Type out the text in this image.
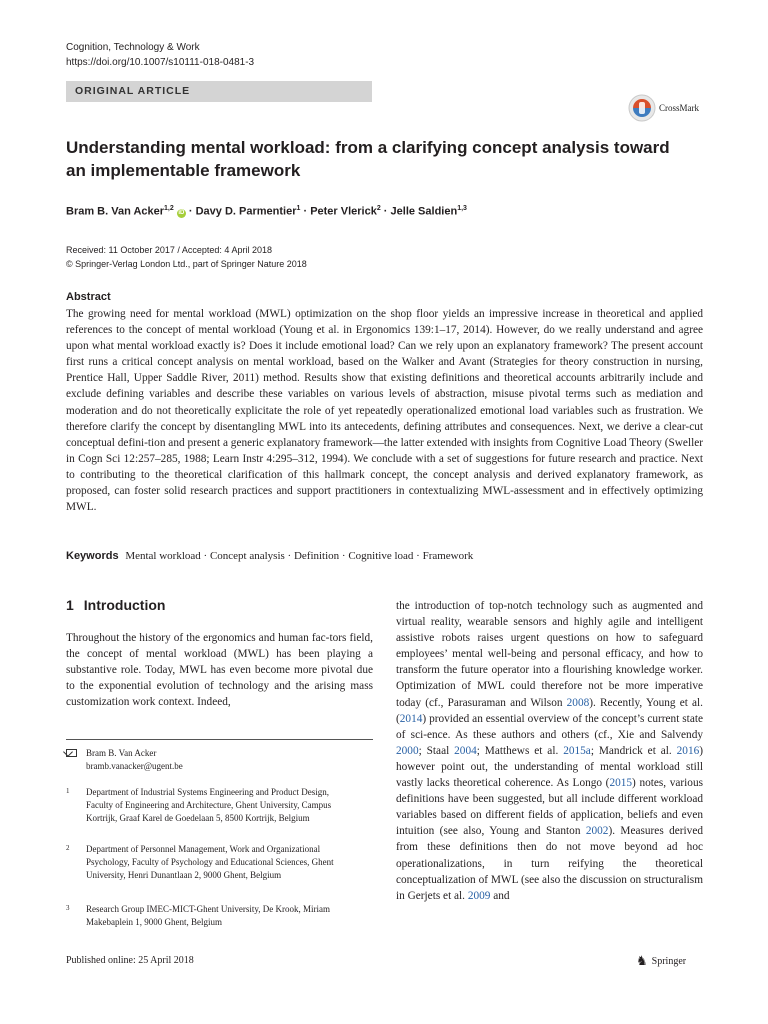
Cognition, Technology & Work
https://doi.org/10.1007/s10111-018-0481-3
ORIGINAL ARTICLE
CrossMark
Understanding mental workload: from a clarifying concept analysis toward an implementable framework
Bram B. Van Acker$^{1,2}$ iD · Davy D. Parmentier$^1$ · Peter Vlerick$^2$ · Jelle Saldien$^{1,3}$
Received: 11 October 2017 / Accepted: 4 April 2018
© Springer-Verlag London Ltd., part of Springer Nature 2018
Abstract
The growing need for mental workload (MWL) optimization on the shop floor yields an impressive increase in theoretical and applied references to the concept of mental workload (Young et al. in Ergonomics 139:1–17, 2014). However, do we really understand and agree upon what mental workload exactly is? Does it include emotional load? Can we rely upon an explanatory framework? The present account first runs a critical concept analysis on mental workload, based on the Walker and Avant (Strategies for theory construction in nursing, Prentice Hall, Upper Saddle River, 2011) method. Results show that existing definitions and theoretical accounts arbitrarily include and exclude defining variables and describe these variables on various levels of abstraction, misuse pivotal terms such as mediation and moderation and do not theoretically explicitate the role of yet repeatedly operationalized emotional load variables such as frustration. We therefore clarify the concept by disentangling MWL into its antecedents, defining attributes and consequences. Next, we derive a clear-cut conceptual defini-tion and present a generic explanatory framework—the latter extended with insights from Cognitive Load Theory (Sweller in Cogn Sci 12:257–285, 1988; Learn Instr 4:295–312, 1994). We conclude with a set of suggestions for future research and practice. Next to contributing to the theoretical clarification of this hallmark concept, the concept analysis and derived explanatory framework, as proposed, can foster solid research practices and support practitioners in contextualizing MWL-assessment and in effectively optimizing MWL.
Keywords Mental workload · Concept analysis · Definition · Cognitive load · Framework
1 Introduction
Throughout the history of the ergonomics and human fac-tors field, the concept of mental workload (MWL) has been playing a substantive role. Today, MWL has even become more pivotal due to the exponential evolution of technology and the arising mass customization work context. Indeed,
the introduction of top-notch technology such as augmented and virtual reality, wearable sensors and highly agile and intelligent assistive robots raises urgent questions on how to safeguard employees’ mental well-being and personal efficacy, and how to transform the future operator into a flourishing knowledge worker. Optimization of MWL could therefore not be more imperative today (cf., Parasuraman and Wilson 2008). Recently, Young et al. (2014) provided an essential overview of the concept’s current state of sci-ence. As these authors and others (cf., Xie and Salvendy 2000; Staal 2004; Matthews et al. 2015a; Mandrick et al. 2016) however point out, the understanding of mental workload still vastly lacks theoretical coherence. As Longo (2015) notes, various definitions have been suggested, but all include different workload variables based on different fields of application, beliefs and even intuition (see also, Young and Stanton 2002). Measures derived from these definitions then do not move beyond ad hoc operationalizations, in turn reifying the theoretical conceptualization of MWL (see also the discussion on structuralism in Gerjets et al. 2009 and
Bram B. Van Acker
bramb.vanacker@ugent.be
1 Department of Industrial Systems Engineering and Product Design, Faculty of Engineering and Architecture, Ghent University, Campus Kortrijk, Graaf Karel de Goedelaan 5, 8500 Kortrijk, Belgium
2 Department of Personnel Management, Work and Organizational Psychology, Faculty of Psychology and Educational Sciences, Ghent University, Henri Dunantlaan 2, 9000 Ghent, Belgium
3 Research Group IMEC-MICT-Ghent University, De Krook, Miriam Makebaplein 1, 9000 Ghent, Belgium
Published online: 25 April 2018	♞ Springer
